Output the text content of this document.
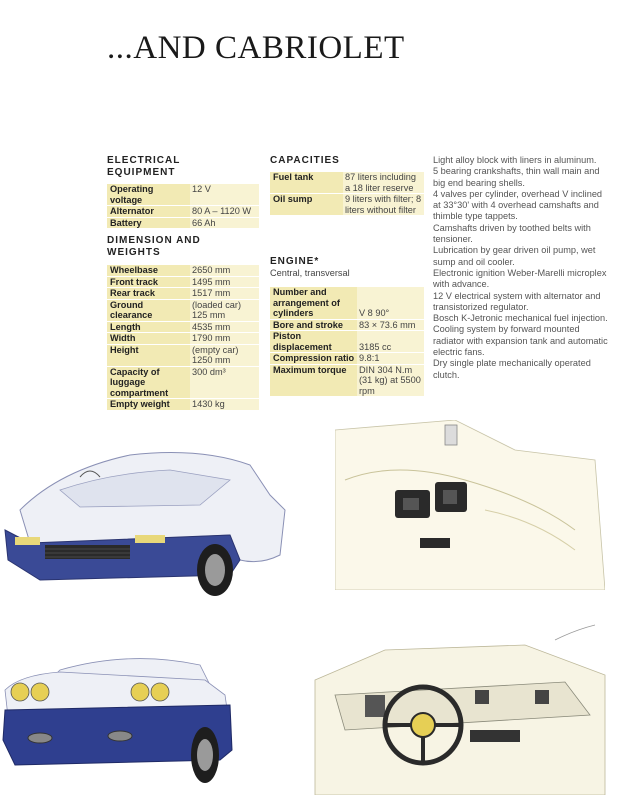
...AND CABRIOLET
ELECTRICAL EQUIPMENT
Operating voltage	12 V
Alternator	80 A – 1120 W
Battery	66 Ah
DIMENSION AND WEIGHTS
Wheelbase	2650 mm
Front track	1495 mm
Rear track	1517 mm
Ground clearance	(loaded car) 125 mm
Length	4535 mm
Width	1790 mm
Height	(empty car) 1250 mm
Capacity of luggage compartment	300 dm³
Empty weight	1430 kg
CAPACITIES
Fuel tank	87 liters including a 18 liter reserve
Oil sump	9 liters with filter; 8 liters without filter
ENGINE*
Central, transversal
Number and arrangement of cylinders	V 8 90°
Bore and stroke	83 × 73.6 mm
Piston displacement	3185 cc
Compression ratio	9.8:1
Maximum torque	DIN 304 N.m (31 kg) at 5500 rpm

Light alloy block with liners in aluminum.

5 bearing crankshafts, thin wall main and big end bearing shells.

4 valves per cylinder, overhead V inclined at 33°30' with 4 overhead camshafts and thimble type tappets.

Camshafts driven by toothed belts with tensioner.

Lubrication by gear driven oil pump, wet sump and oil cooler.

Electronic ignition Weber-Marelli microplex with advance.

12 V electrical system with alternator and transistorized regulator.

Bosch K-Jetronic mechanical fuel injection.

Cooling system by forward mounted radiator with expansion tank and automatic electric fans.

Dry single plate mechanically operated clutch.
